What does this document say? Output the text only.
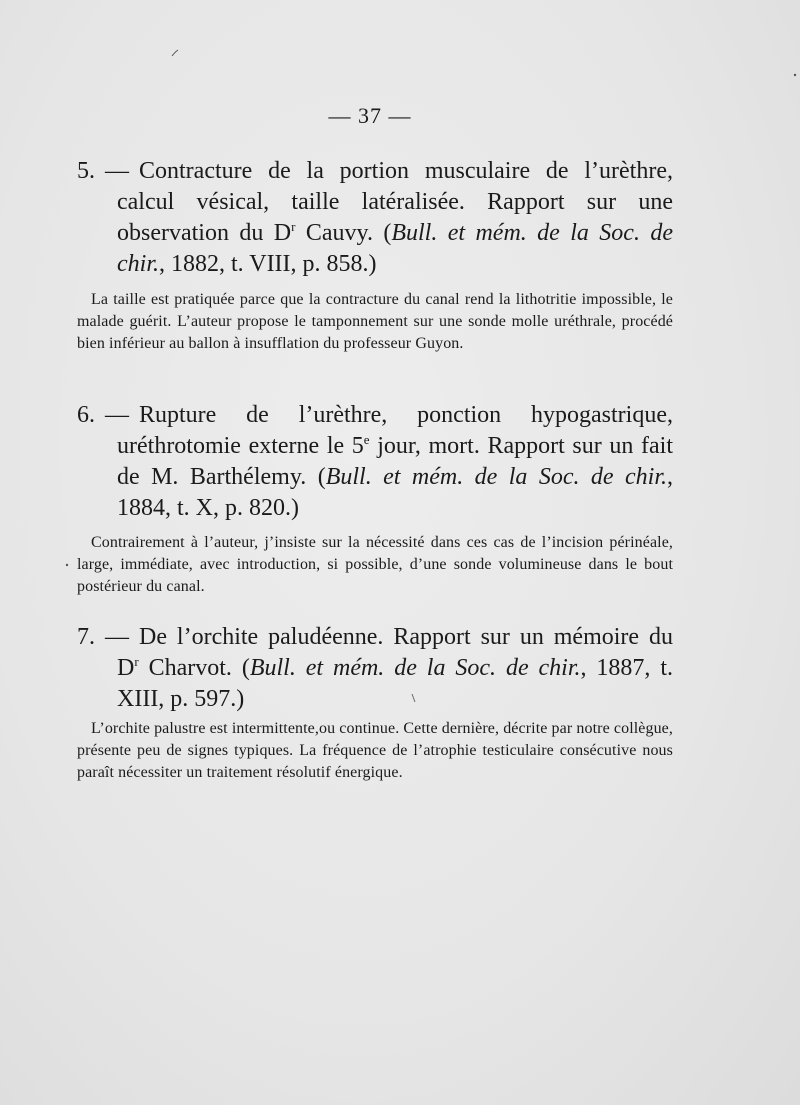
— 37 —

5. — Contracture de la portion musculaire de l’urèthre, calcul vésical, taille latéralisée. Rapport sur une observation du $D^r$ Cauvy. (Bull. et mém. de la Soc. de chir., 1882, t. VIII, p. 858.)

La taille est pratiquée parce que la contracture du canal rend la lithotritie impossible, le malade guérit. L’auteur propose le tamponnement sur une sonde molle uréthrale, procédé bien inférieur au ballon à insufflation du professeur Guyon.

6. — Rupture de l’urèthre, ponction hypogastrique, uréthrotomie externe le 5e jour, mort. Rapport sur un fait de M. Barthélemy. (Bull. et mém. de la Soc. de chir., 1884, t. X, p. 820.)

Contrairement à l’auteur, j’insiste sur la nécessité dans ces cas de l’incision périnéale, large, immédiate, avec introduction, si possible, d’une sonde volumineuse dans le bout postérieur du canal.

7. — De l’orchite paludéenne. Rapport sur un mémoire du $D^r$ Charvot. (Bull. et mém. de la Soc. de chir., 1887, t. XIII, p. 597.)

L’orchite palustre est intermittente,ou continue. Cette dernière, décrite par notre collègue, présente peu de signes typiques. La fréquence de l’atrophie testiculaire consécutive nous paraît nécessiter un traitement résolutif énergique.
